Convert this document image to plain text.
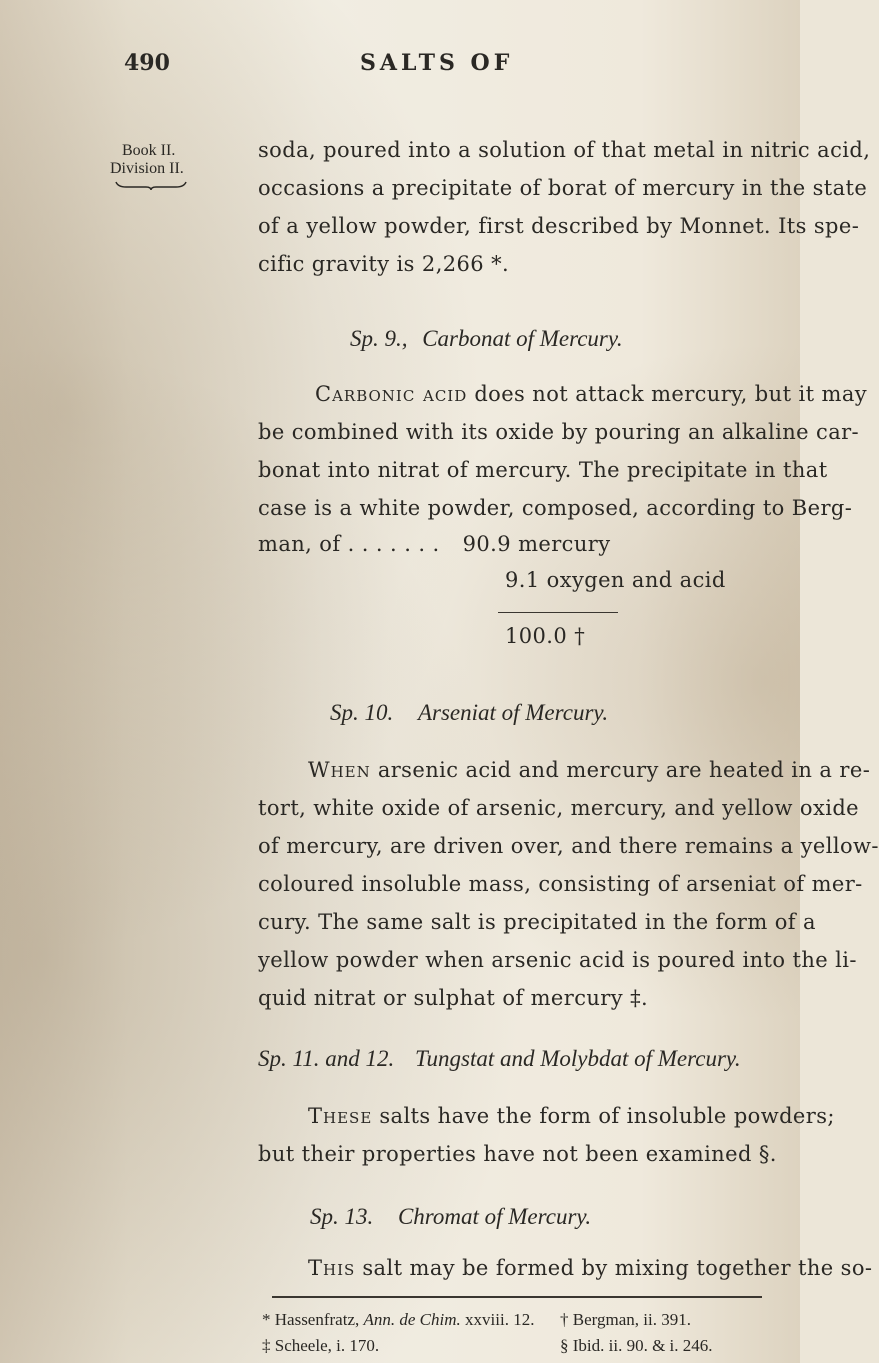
490	SALTS OF
Book II.
Division II.
soda, poured into a solution of that metal in nitric acid,
occasions a precipitate of borat of mercury in the state
of a yellow powder, first described by Monnet. Its spe-
cific gravity is 2,266 *.
Sp. 9., Carbonat of Mercury.
Carbonic acid does not attack mercury, but it may
be combined with its oxide by pouring an alkaline car-
bonat into nitrat of mercury. The precipitate in that
case is a white powder, composed, according to Berg-
man, of . . . . . . . 90.9 mercury
9.1 oxygen and acid
100.0 †
Sp. 10. Arseniat of Mercury.
When arsenic acid and mercury are heated in a re-
tort, white oxide of arsenic, mercury, and yellow oxide
of mercury, are driven over, and there remains a yellow-
coloured insoluble mass, consisting of arseniat of mer-
cury. The same salt is precipitated in the form of a
yellow powder when arsenic acid is poured into the li-
quid nitrat or sulphat of mercury ‡.
Sp. 11. and 12. Tungstat and Molybdat of Mercury.
These salts have the form of insoluble powders;
but their properties have not been examined §.
Sp. 13. Chromat of Mercury.
This salt may be formed by mixing together the so-
* Hassenfratz, Ann. de Chim. xxviii. 12.
‡ Scheele, i. 170.
† Bergman, ii. 391.
§ Ibid. ii. 90. & i. 246.
